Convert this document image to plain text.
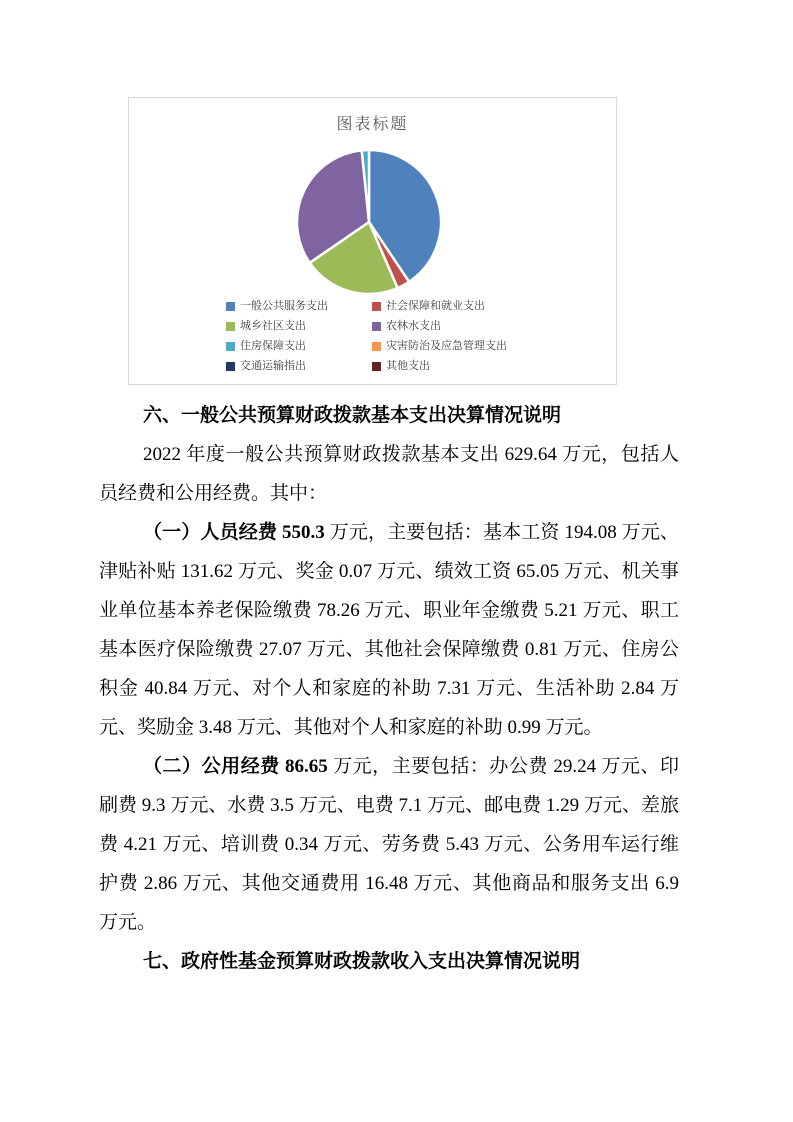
图表标题
一般公共服务支出	社会保障和就业支出
城乡社区支出	农林水支出
住房保障支出	灾害防治及应急管理支出
交通运输指出	其他支出
六、一般公共预算财政拨款基本支出决算情况说明

2022 年度一般公共预算财政拨款基本支出 629.64 万元，包括人员经费和公用经费。其中：

（一）人员经费 550.3 万元，主要包括：基本工资 194.08 万元、津贴补贴 131.62 万元、奖金 0.07 万元、绩效工资 65.05 万元、机关事业单位基本养老保险缴费 78.26 万元、职业年金缴费 5.21 万元、职工基本医疗保险缴费 27.07 万元、其他社会保障缴费 0.81 万元、住房公积金 40.84 万元、对个人和家庭的补助 7.31 万元、生活补助 2.84 万元、奖励金 3.48 万元、其他对个人和家庭的补助 0.99 万元。

（二）公用经费 86.65 万元，主要包括：办公费 29.24 万元、印刷费 9.3 万元、水费 3.5 万元、电费 7.1 万元、邮电费 1.29 万元、差旅费 4.21 万元、培训费 0.34 万元、劳务费 5.43 万元、公务用车运行维护费 2.86 万元、其他交通费用 16.48 万元、其他商品和服务支出 6.9 万元。

七、政府性基金预算财政拨款收入支出决算情况说明
